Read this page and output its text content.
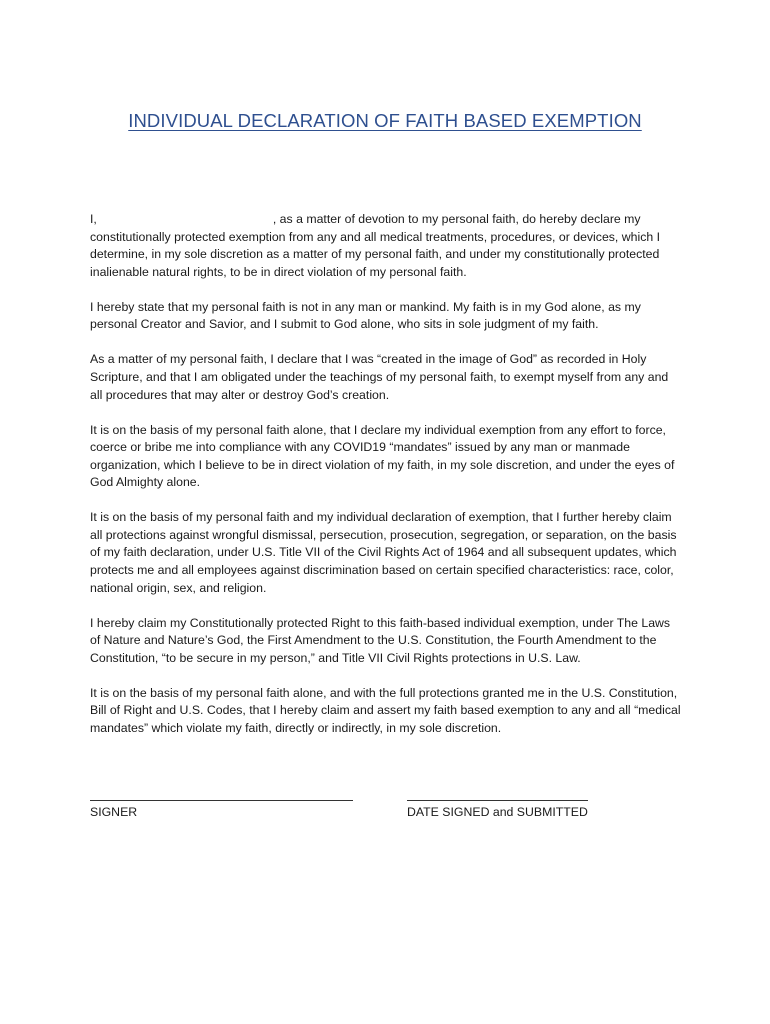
INDIVIDUAL DECLARATION OF FAITH BASED EXEMPTION

I,	, as a matter of devotion to my personal faith, do hereby declare my constitutionally protected exemption from any and all medical treatments, procedures, or devices, which I determine, in my sole discretion as a matter of my personal faith, and under my constitutionally protected inalienable natural rights, to be in direct violation of my personal faith.

I hereby state that my personal faith is not in any man or mankind. My faith is in my God alone, as my personal Creator and Savior, and I submit to God alone, who sits in sole judgment of my faith.

As a matter of my personal faith, I declare that I was “created in the image of God” as recorded in Holy Scripture, and that I am obligated under the teachings of my personal faith, to exempt myself from any and all procedures that may alter or destroy God’s creation.

It is on the basis of my personal faith alone, that I declare my individual exemption from any effort to force, coerce or bribe me into compliance with any COVID19 “mandates” issued by any man or manmade organization, which I believe to be in direct violation of my faith, in my sole discretion, and under the eyes of God Almighty alone.

It is on the basis of my personal faith and my individual declaration of exemption, that I further hereby claim all protections against wrongful dismissal, persecution, prosecution, segregation, or separation, on the basis of my faith declaration, under U.S. Title VII of the Civil Rights Act of 1964 and all subsequent updates, which protects me and all employees against discrimination based on certain specified characteristics: race, color, national origin, sex, and religion.

I hereby claim my Constitutionally protected Right to this faith-based individual exemption, under The Laws of Nature and Nature’s God, the First Amendment to the U.S. Constitution, the Fourth Amendment to the Constitution, “to be secure in my person,” and Title VII Civil Rights protections in U.S. Law.

It is on the basis of my personal faith alone, and with the full protections granted me in the U.S. Constitution, Bill of Right and U.S. Codes, that I hereby claim and assert my faith based exemption to any and all “medical mandates” which violate my faith, directly or indirectly, in my sole discretion.

SIGNER	DATE SIGNED and SUBMITTED
